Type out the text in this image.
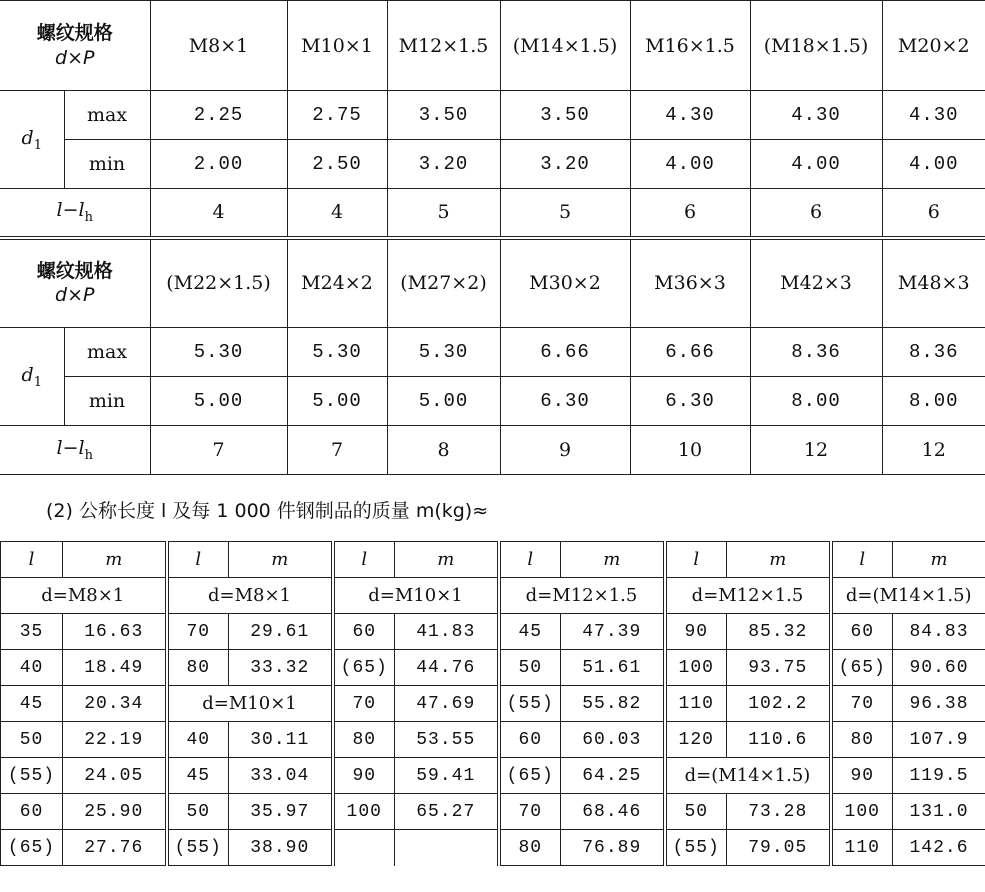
螺纹规格
d×P		M8×1	M10×1	M12×1.5	(M14×1.5)	M16×1.5	(M18×1.5)	M20×2
$d_1$	max	2.25	2.75	3.50	3.50	4.30	4.30	4.30
	min	2.00	2.50	3.20	3.20	4.00	4.00	4.00
$l-l_h$		4	4	5	5	6	6	6

螺纹规格
d×P		(M22×1.5)	M24×2	(M27×2)	M30×2	M36×3	M42×3	M48×3
$d_1$	max	5.30	5.30	5.30	6.66	6.66	8.36	8.36
	min	5.00	5.00	5.00	6.30	6.30	8.00	8.00
$l-l_h$		7	7	8	9	10	12	12
(2) 公称长度 l 及每 1 000 件钢制品的质量 m(kg)≈
l	m	l	m	l	m	l	m	l	m	l	m
d=M8×1		d=M8×1		d=M10×1		d=M12×1.5		d=M12×1.5		d=(M14×1.5)	
35	16.63	70	29.61	60	41.83	45	47.39	90	85.32	60	84.83
40	18.49	80	33.32	(65)	44.76	50	51.61	100	93.75	(65)	90.60
45	20.34	d=M10×1		70	47.69	(55)	55.82	110	102.2	70	96.38
50	22.19	40	30.11	80	53.55	60	60.03	120	110.6	80	107.9
(55)	24.05	45	33.04	90	59.41	(65)	64.25	d=(M14×1.5)		90	119.5
60	25.90	50	35.97	100	65.27	70	68.46	50	73.28	100	131.0
(65)	27.76	(55)	38.90			80	76.89	(55)	79.05	110	142.6
